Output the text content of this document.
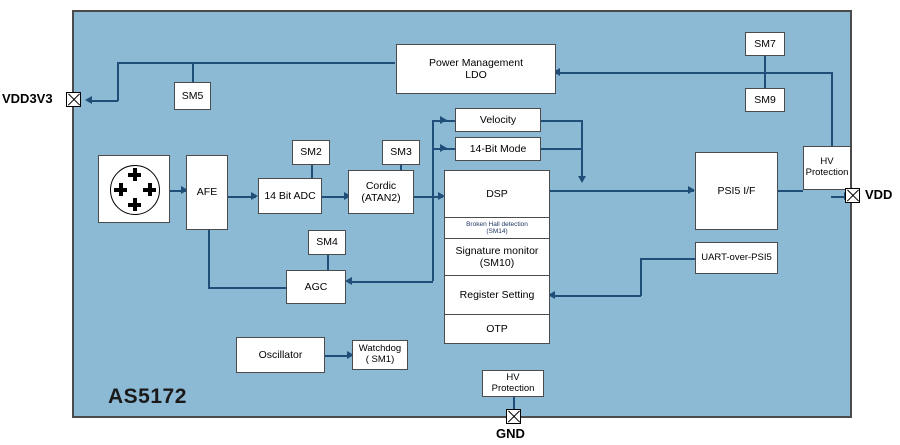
AS5172
Power Management
LDO
SM5
SM7
SM9
HV
Protection
AFE	14 Bit ADC
SM2	SM3
Cordic
(ATAN2)
Velocity
14-Bit Mode
DSP
Broken Hall detection
(SM14)
Signature monitor
(SM10)
Register Setting
OTP
SM4
AGC
Oscillator
Watchdog
( SM1)
PSI5 I/F
UART-over-PSI5
HV
Protection
VDD3V3
VDD
GND
